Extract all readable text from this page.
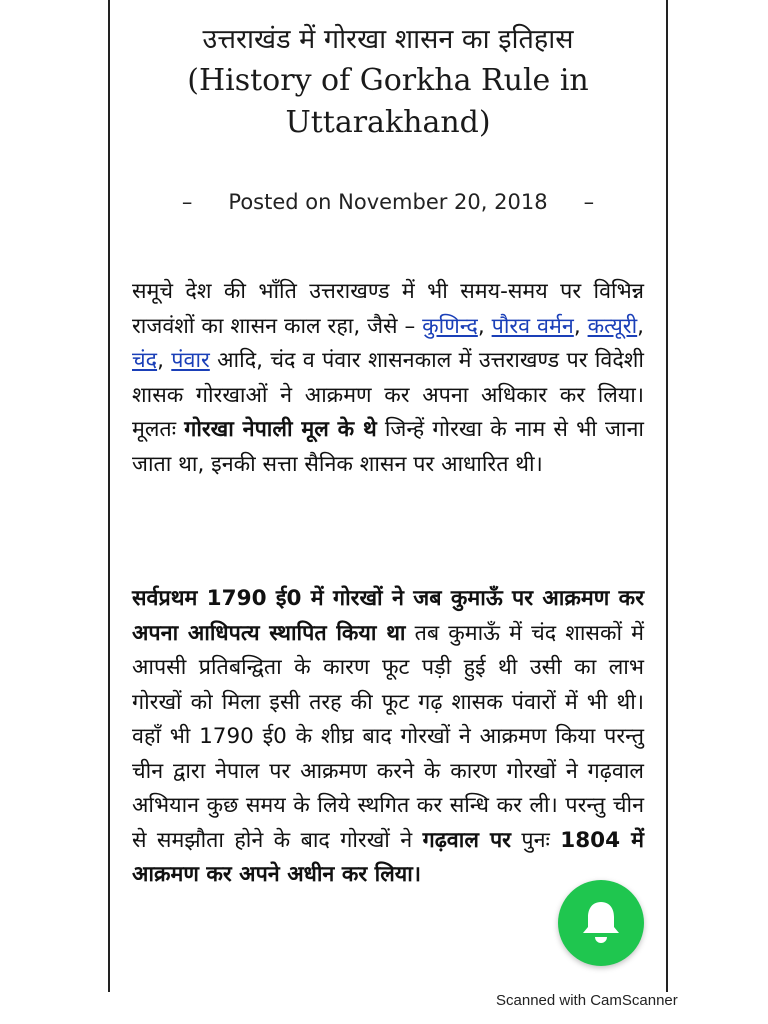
उत्तराखंड में गोरखा शासन का इतिहास
(History of Gorkha Rule in
Uttarakhand)
– Posted on November 20, 2018 –
समूचे देश की भाँति उत्तराखण्ड में भी समय-समय पर विभिन्न राजवंशों का शासन काल रहा, जैसे – कुणिन्द, पौरव वर्मन, कत्यूरी, चंद, पंवार आदि, चंद व पंवार शासनकाल में उत्तराखण्ड पर विदेशी शासक गोरखाओं ने आक्रमण कर अपना अधिकार कर लिया। मूलतः गोरखा नेपाली मूल के थे जिन्हें गोरखा के नाम से भी जाना जाता था, इनकी सत्ता सैनिक शासन पर आधारित थी।
सर्वप्रथम 1790 ई0 में गोरखों ने जब कुमाऊँ पर आक्रमण कर अपना आधिपत्य स्थापित किया था तब कुमाऊँ में चंद शासकों में आपसी प्रतिबन्द्विता के कारण फूट पड़ी हुई थी उसी का लाभ गोरखों को मिला इसी तरह की फूट गढ़ शासक पंवारों में भी थी। वहाँ भी 1790 ई0 के शीघ्र बाद गोरखों ने आक्रमण किया परन्तु चीन द्वारा नेपाल पर आक्रमण करने के कारण गोरखों ने गढ़वाल अभियान कुछ समय के लिये स्थगित कर सन्धि कर ली। परन्तु चीन से समझौता होने के बाद गोरखों ने गढ़वाल पर पुनः 1804 में आक्रमण कर अपने अधीन कर लिया।
Scanned with CamScanner
